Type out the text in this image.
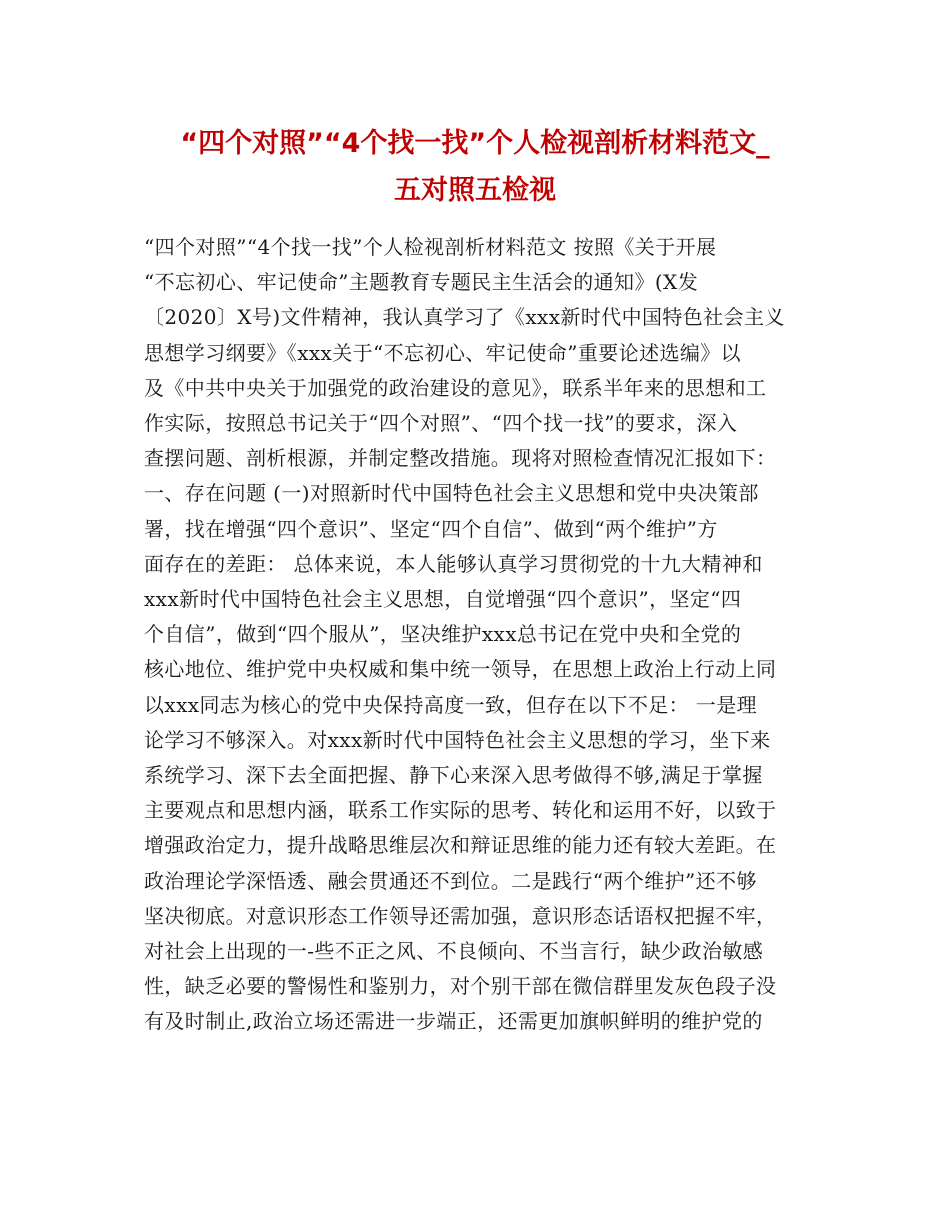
“四个对照”“4个找一找”个人检视剖析材料范文_
五对照五检视
“四个对照”“4个找一找”个人检视剖析材料范文 按照《关于开展
“不忘初心、牢记使命”主题教育专题民主生活会的通知》(X发
〔2020〕X号)文件精神，我认真学习了《xxx新时代中国特色社会主义
思想学习纲要》《xxx关于“不忘初心、牢记使命”重要论述选编》以
及《中共中央关于加强党的政治建设的意见》，联系半年来的思想和工
作实际，按照总书记关于“四个对照”、“四个找一找”的要求，深入
查摆问题、剖析根源，并制定整改措施。现将对照检查情况汇报如下：
一、存在问题 (一)对照新时代中国特色社会主义思想和党中央决策部
署，找在增强“四个意识”、坚定“四个自信”、做到“两个维护”方
面存在的差距： 总体来说，本人能够认真学习贯彻党的十九大精神和
xxx新时代中国特色社会主义思想，自觉增强“四个意识”，坚定“四
个自信”，做到“四个服从”，坚决维护xxx总书记在党中央和全党的
核心地位、维护党中央权威和集中统一领导，在思想上政治上行动上同
以xxx同志为核心的党中央保持高度一致，但存在以下不足： 一是理
论学习不够深入。对xxx新时代中国特色社会主义思想的学习，坐下来
系统学习、深下去全面把握、静下心来深入思考做得不够,满足于掌握
主要观点和思想内涵，联系工作实际的思考、转化和运用不好，以致于
增强政治定力，提升战略思维层次和辩证思维的能力还有较大差距。在
政治理论学深悟透、融会贯通还不到位。二是践行“两个维护”还不够
坚决彻底。对意识形态工作领导还需加强，意识形态话语权把握不牢，
对社会上出现的一-些不正之风、不良倾向、不当言行，缺少政治敏感
性，缺乏必要的警惕性和鉴别力，对个别干部在微信群里发灰色段子没
有及时制止,政治立场还需进一步端正，还需更加旗帜鲜明的维护党的
